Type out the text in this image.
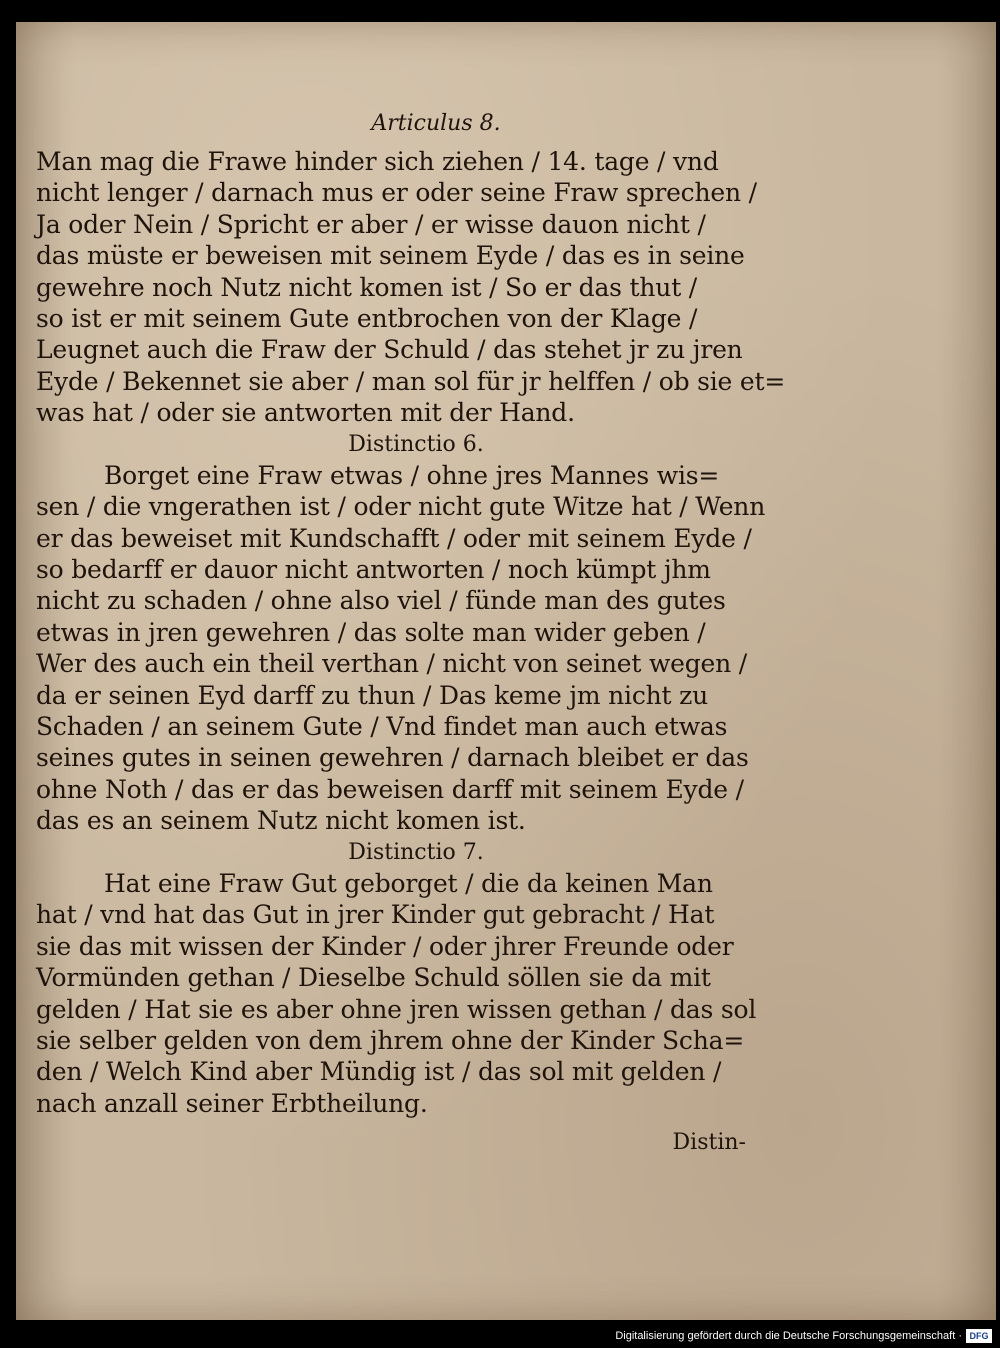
Articulus 8.
Man mag die Frawe hinder sich ziehen / 14. tage / vnd
nicht lenger / darnach mus er oder seine Fraw sprechen /
Ja oder Nein / Spricht er aber / er wisse dauon nicht /
das müste er beweisen mit seinem Eyde / das es in seine
gewehre noch Nutz nicht komen ist / So er das thut /
so ist er mit seinem Gute entbrochen von der Klage /
Leugnet auch die Fraw der Schuld / das stehet jr zu jren
Eyde / Bekennet sie aber / man sol für jr helffen / ob sie et=
was hat / oder sie antworten mit der Hand.
Distinctio 6.
Borget eine Fraw etwas / ohne jres Mannes wis=
sen / die vngerathen ist / oder nicht gute Witze hat / Wenn
er das beweiset mit Kundschafft / oder mit seinem Eyde /
so bedarff er dauor nicht antworten / noch kümpt jhm
nicht zu schaden / ohne also viel / fünde man des gutes
etwas in jren gewehren / das solte man wider geben /
Wer des auch ein theil verthan / nicht von seinet wegen /
da er seinen Eyd darff zu thun / Das keme jm nicht zu
Schaden / an seinem Gute / Vnd findet man auch etwas
seines gutes in seinen gewehren / darnach bleibet er das
ohne Noth / das er das beweisen darff mit seinem Eyde /
das es an seinem Nutz nicht komen ist.
Distinctio 7.
Hat eine Fraw Gut geborget / die da keinen Man
hat / vnd hat das Gut in jrer Kinder gut gebracht / Hat
sie das mit wissen der Kinder / oder jhrer Freunde oder
Vormünden gethan / Dieselbe Schuld söllen sie da mit
gelden / Hat sie es aber ohne jren wissen gethan / das sol
sie selber gelden von dem jhrem ohne der Kinder Scha=
den / Welch Kind aber Mündig ist / das sol mit gelden /
nach anzall seiner Erbtheilung.
Distin-
Digitalisierung gefördert durch die Deutsche Forschungsgemeinschaft · DFG
